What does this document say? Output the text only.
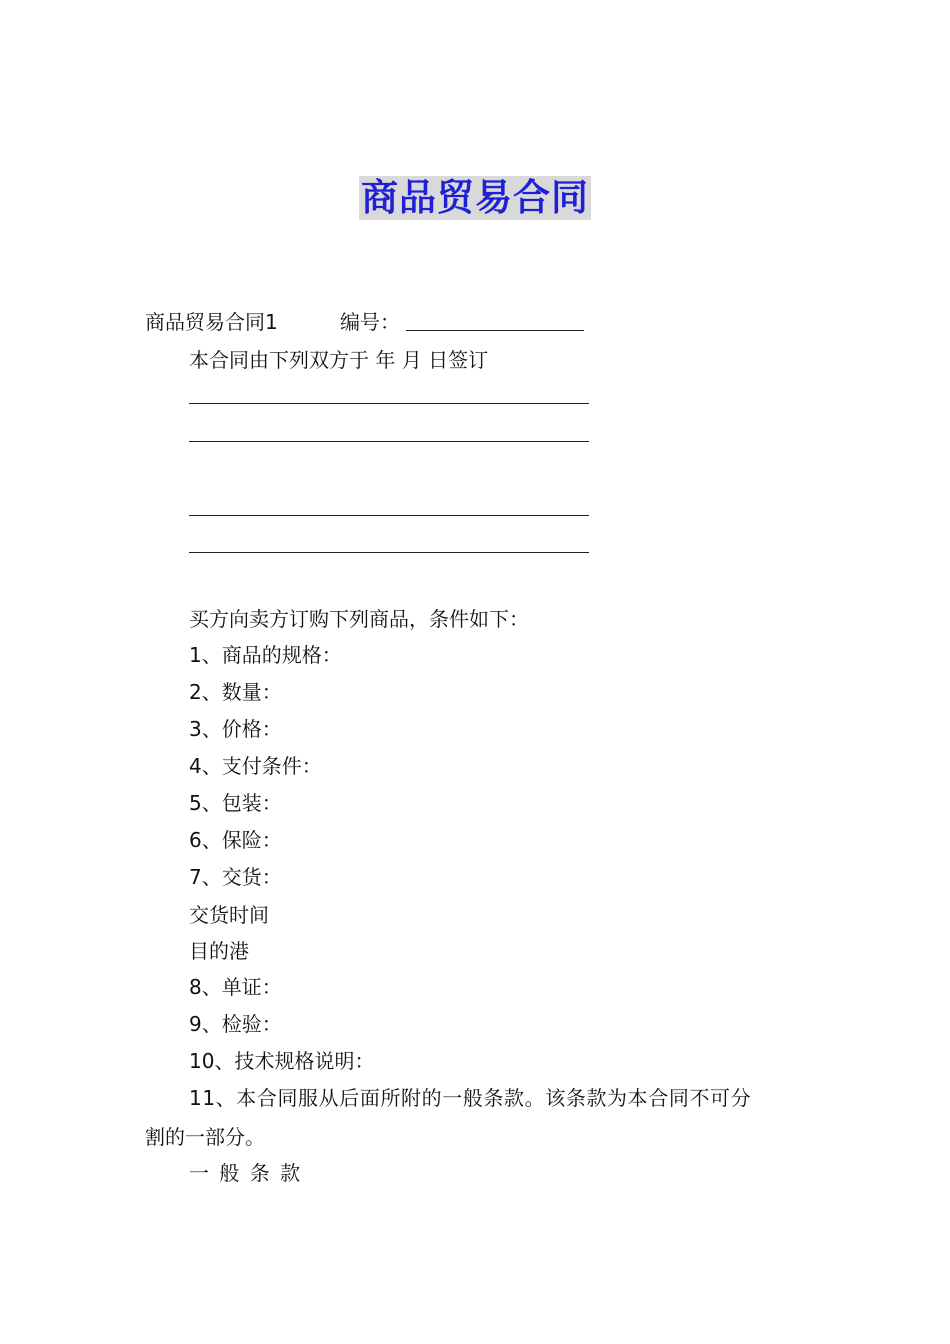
商品贸易合同
商品贸易合同1	编号：
本合同由下列双方于 年 月 日签订
买方向卖方订购下列商品，条件如下：
1、商品的规格：
2、数量：
3、价格：
4、支付条件：
5、包装：
6、保险：
7、交货：
交货时间
目的港
8、单证：
9、检验：
10、技术规格说明：
11、本合同服从后面所附的一般条款。该条款为本合同不可分
割的一部分。
一 般 条 款
